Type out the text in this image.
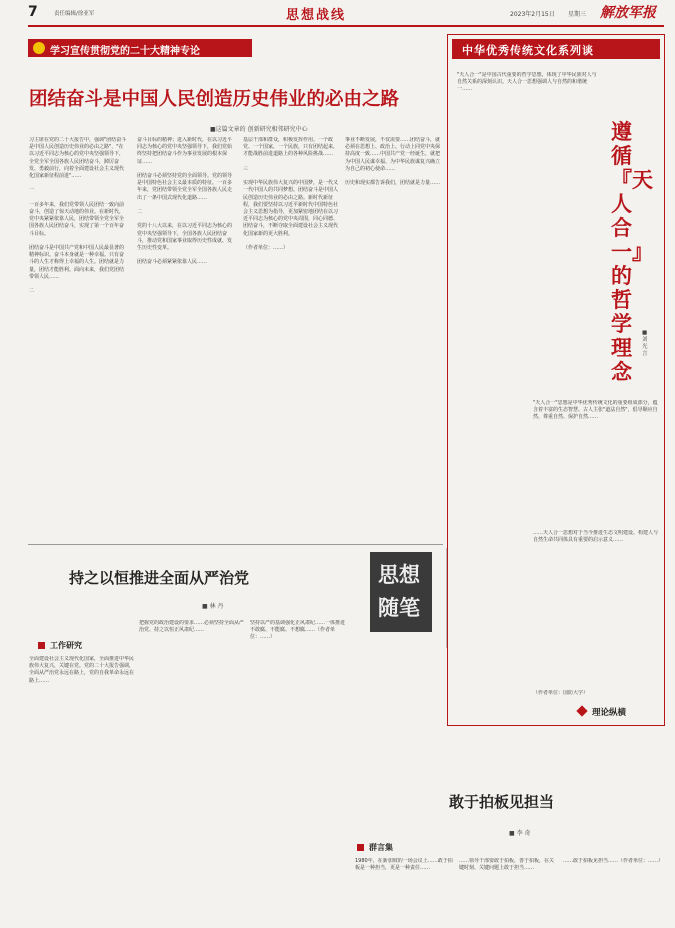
7	责任编辑/徐亚军	思想战线	2023年2月15日 星期三 解放军报
学习宣传贯彻党的二十大精神专论
团结奋斗是中国人民创造历史伟业的必由之路
■这篇文章的 创新研究相邻研究中心
习主席在党的二十大报告中，强调"团结奋斗是中国人民创造历史伟业的必由之路"，"在以习近平同志为核心的党中央坚强领导下，全党全军全国各族人民团结奋斗，踔厉奋发、勇毅前行，向着全面建设社会主义现代化国家新征程前进"……

一

一百多年来，我们党带领人民团结一致向前奋斗，创造了惊天动地的伟业。在新时代，党中央紧紧依靠人民，团结带领全党全军全国各族人民团结奋斗，实现了第一个百年奋斗目标。

团结奋斗是中国共产党和中国人民最显著的精神标识。奋斗本身就是一种幸福。只有奋斗的人生才称得上幸福的人生。团结就是力量，团结才能胜利。面向未来，我们党团结带领人民……

二
奋斗目标的精神；进入新时代，在以习近平同志为核心的党中央坚强领导下，我们党始终坚持把团结奋斗作为事业发展的根本保证……

团结奋斗必须坚持党的全面领导。党的领导是中国特色社会主义最本质的特征。一百多年来，党团结带领全党全军全国各族人民走出了一条中国式现代化道路……

二

党的十八大以来，在以习近平同志为核心的党中央坚强领导下，全国各族人民团结奋斗，推动党和国家事业取得历史性成就、发生历史性变革。

团结奋斗必须紧紧依靠人民……
基层干部和群众，积极发挥作用。一个政党、一个国家，一个民族，只有团结起来，才能战胜前进道路上的各种风险挑战……

三

实现中华民族伟大复兴的中国梦，是一代又一代中国人的共同梦想。团结奋斗是中国人民创造历史伟业的必由之路。新时代新征程，我们要坚持以习近平新时代中国特色社会主义思想为指导，更加紧密地团结在以习近平同志为核心的党中央周围，同心同德、团结奋斗，不断夺取全面建设社会主义现代化国家新的更大胜利。

（作者单位：……）
事业不断发展，不仅需要……团结奋斗，就必须在思想上、政治上、行动上同党中央保持高度一致……中国共产党一经诞生，就把为中国人民谋幸福、为中华民族谋复兴确立为自己的初心使命……

历史和现实都告诉我们，团结就是力量……
中华优秀传统文化系列谈
"天人合一"是中国古代重要的哲学思想，体现了中华民族对人与自然关系的深刻认识。天人合一思想强调人与自然的和谐统一……
遵循『天人合一』的哲学理念
■刘 光 言
"天人合一"思想是中华优秀传统文化的重要组成部分，蕴含着丰富的生态智慧。古人主张"道法自然"，倡导顺应自然、尊重自然、保护自然……
……天人合一思想对于当今推进生态文明建设、构建人与自然生命共同体具有重要的启示意义……
（作者单位：国防大学）
理论纵横
持之以恒推进全面从严治党
■ 林 丹
工作研究
全面建设社会主义现代化国家，全面推进中华民族伟大复兴，关键在党。党的二十大报告强调，全面从严治党永远在路上，党的自我革命永远在路上……
把握党的政治建设的要求……必须坚持全面从严治党、持之以恒正风肃纪……
坚持以严的基调强化正风肃纪……一体推进不敢腐、不能腐、不想腐……（作者单位：……）
思想随笔
敢于拍板见担当
■ 李 奇
群言集
1980年，在新加坡的一场会议上……敢于拍板是一种担当，更是一种责任……
……领导干部要敢于拍板，善于拍板，在关键时刻、关键问题上敢于担当……
……敢于拍板见担当……（作者单位：……）
